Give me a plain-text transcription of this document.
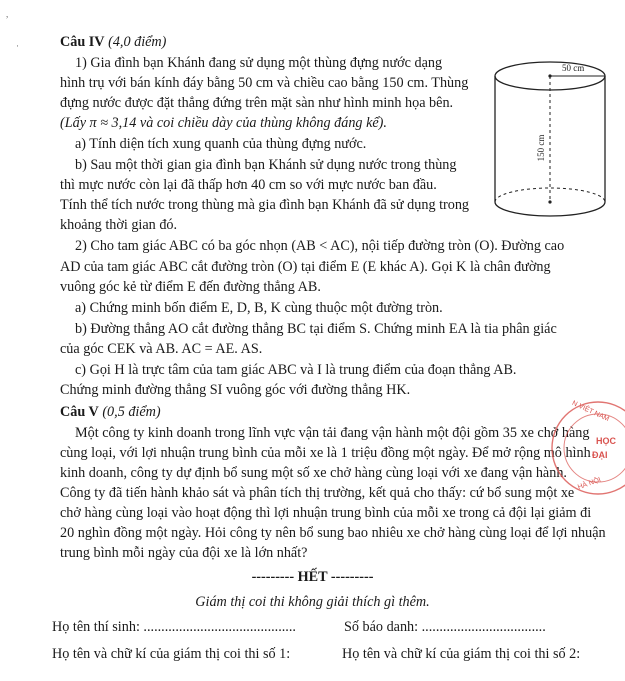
,
·	Câu IV (4,0 điểm)
1) Gia đình bạn Khánh đang sử dụng một thùng đựng nước dạng
hình trụ với bán kính đáy bằng 50 cm và chiều cao bằng 150 cm. Thùng
đựng nước được đặt thẳng đứng trên mặt sàn như hình minh họa bên.
(Lấy π ≈ 3,14 và coi chiều dày của thùng không đáng kể).
a) Tính diện tích xung quanh của thùng đựng nước.
b) Sau một thời gian gia đình bạn Khánh sử dụng nước trong thùng
thì mực nước còn lại đã thấp hơn 40 cm so với mực nước ban đầu.
Tính thể tích nước trong thùng mà gia đình bạn Khánh đã sử dụng trong
khoảng thời gian đó.
50 cm
150 cm
2) Cho tam giác ABC có ba góc nhọn (AB < AC), nội tiếp đường tròn (O). Đường cao
AD của tam giác ABC cắt đường tròn (O) tại điểm E (E khác A). Gọi K là chân đường
vuông góc kẻ từ điểm E đến đường thẳng AB.
a) Chứng minh bốn điểm E, D, B, K cùng thuộc một đường tròn.
b) Đường thẳng AO cắt đường thẳng BC tại điểm S. Chứng minh EA là tia phân giác
của góc CEK và AB. AC = AE. AS.
c) Gọi H là trực tâm của tam giác ABC và I là trung điểm của đoạn thẳng AB.
Chứng minh đường thẳng SI vuông góc với đường thẳng HK.
Câu V (0,5 điểm)
Một công ty kinh doanh trong lĩnh vực vận tải đang vận hành một đội gồm 35 xe chở hàng
cùng loại, với lợi nhuận trung bình của mỗi xe là 1 triệu đồng một ngày. Để mở rộng mô hình
kinh doanh, công ty dự định bổ sung một số xe chở hàng cùng loại với xe đang vận hành.
Công ty đã tiến hành khảo sát và phân tích thị trường, kết quả cho thấy: cứ bổ sung một xe
chở hàng cùng loại vào hoạt động thì lợi nhuận trung bình của mỗi xe trong cả đội lại giảm đi
20 nghìn đồng một ngày. Hỏi công ty nên bổ sung bao nhiêu xe chở hàng cùng loại để lợi nhuận
trung bình mỗi ngày của đội xe là lớn nhất?
N VIỆT NAM
HỌC
ĐẠI
HÀ NỘI
--------- HẾT ---------
Giám thị coi thi không giải thích gì thêm.
Họ tên thí sinh: ...........................................	Số báo danh: ...................................
Họ tên và chữ kí của giám thị coi thi số 1:	Họ tên và chữ kí của giám thị coi thi số 2:
